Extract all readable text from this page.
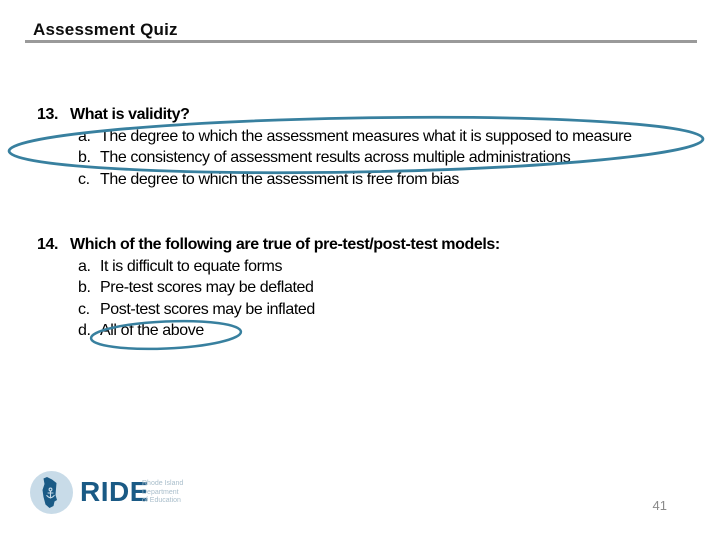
Assessment Quiz
13. What is validity?
a. The degree to which the assessment measures what it is supposed to measure
b. The consistency of assessment results across multiple administrations
c. The degree to which the assessment is free from bias
14. Which of the following are true of pre-test/post-test models:
a. It is difficult to equate forms
b. Pre-test scores may be deflated
c. Post-test scores may be inflated
d. All of the above
RIDE
Rhode Island
Department
of Education	41
